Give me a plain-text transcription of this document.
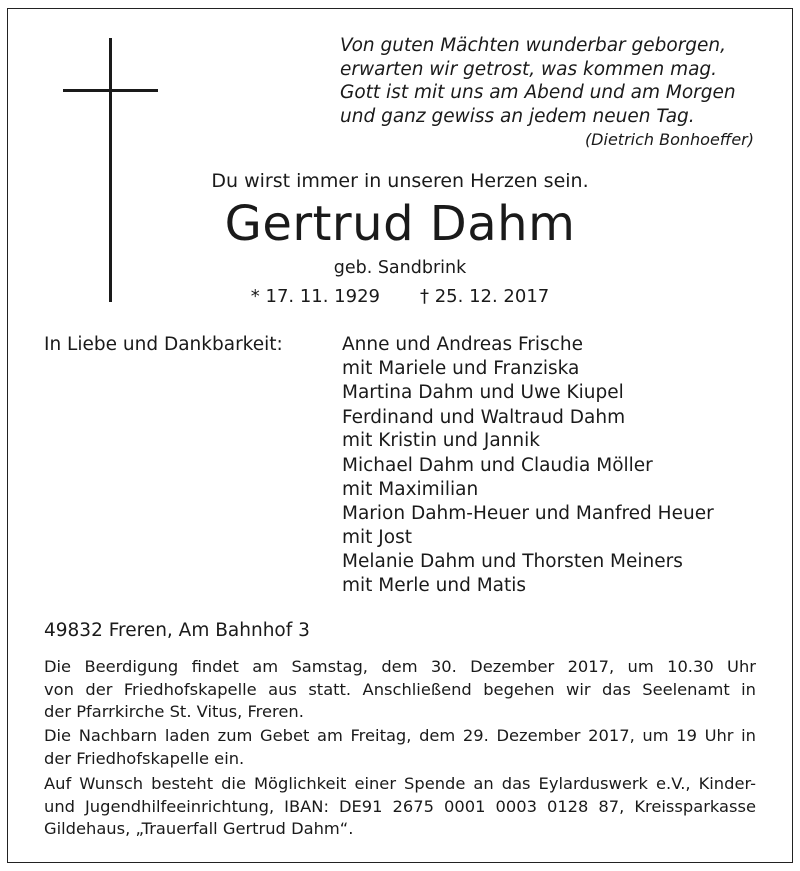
Von guten Mächten wunderbar geborgen,
erwarten wir getrost, was kommen mag.
Gott ist mit uns am Abend und am Morgen
und ganz gewiss an jedem neuen Tag.
(Dietrich Bonhoeffer)
Du wirst immer in unseren Herzen sein.
Gertrud Dahm
geb. Sandbrink
* 17. 11. 1929 † 25. 12. 2017
In Liebe und Dankbarkeit:	Anne und Andreas Frische
mit Mariele und Franziska
Martina Dahm und Uwe Kiupel
Ferdinand und Waltraud Dahm
mit Kristin und Jannik
Michael Dahm und Claudia Möller
mit Maximilian
Marion Dahm-Heuer und Manfred Heuer
mit Jost
Melanie Dahm und Thorsten Meiners
mit Merle und Matis
49832 Freren, Am Bahnhof 3
Die Beerdigung findet am Samstag, dem 30. Dezember 2017, um 10.30 Uhr
von der Friedhofskapelle aus statt. Anschließend begehen wir das Seelenamt in
der Pfarrkirche St. Vitus, Freren.
Die Nachbarn laden zum Gebet am Freitag, dem 29. Dezember 2017, um 19 Uhr in
der Friedhofskapelle ein.
Auf Wunsch besteht die Möglichkeit einer Spende an das Eylarduswerk e.V., Kinder-
und Jugendhilfeeinrichtung, IBAN: DE91 2675 0001 0003 0128 87, Kreissparkasse
Gildehaus, „Trauerfall Gertrud Dahm“.
